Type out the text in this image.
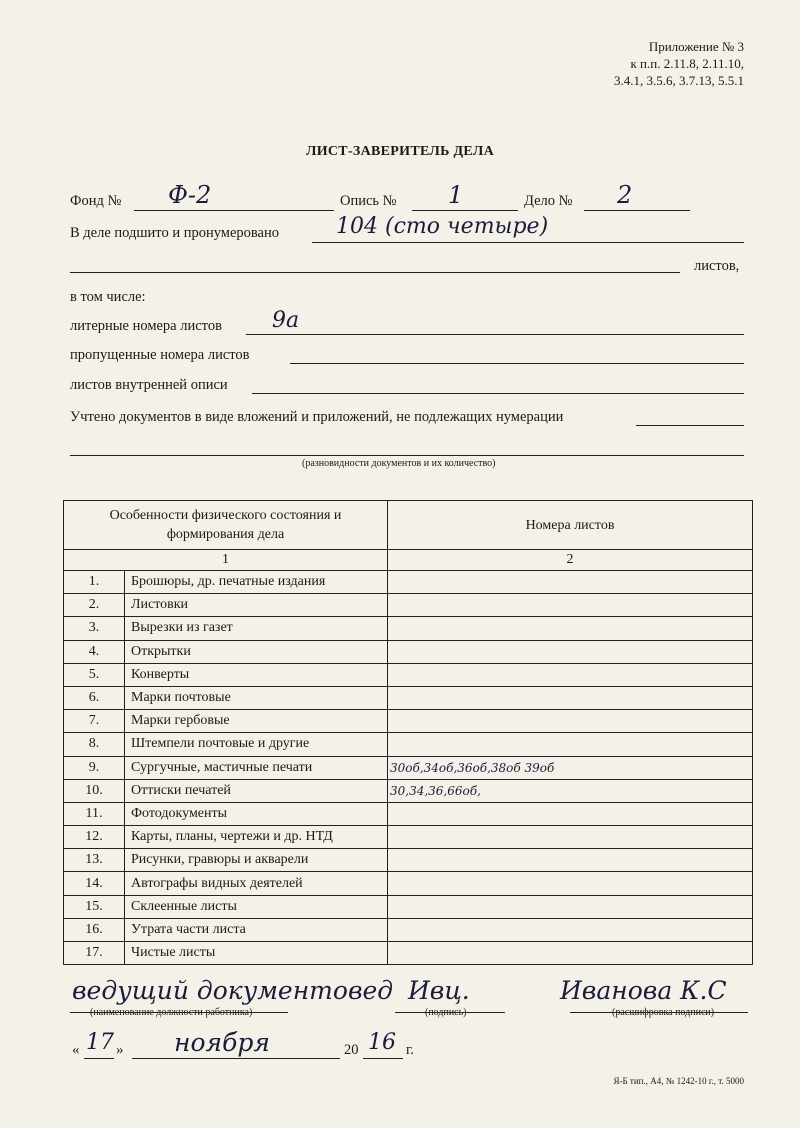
Приложение № 3
к п.п. 2.11.8, 2.11.10,
3.4.1, 3.5.6, 3.7.13, 5.5.1
ЛИСТ-ЗАВЕРИТЕЛЬ ДЕЛА
Фонд № Ф-2	Опись № 1	Дело № 2
В деле подшито и пронумеровано	104 (сто четыре)
листов,
в том числе:
литерные номера листов 9а
пропущенные номера листов
листов внутренней описи
Учтено документов в виде вложений и приложений, не подлежащих нумерации
(разновидности документов и их количество)
Особенности физического состояния и формирования дела		Номера листов
1		2
1.	Брошюры, др. печатные издания	
2.	Листовки	
3.	Вырезки из газет	
4.	Открытки	
5.	Конверты	
6.	Марки почтовые	
7.	Марки гербовые	
8.	Штемпели почтовые и другие	
9.	Сургучные, мастичные печати	30об,34об,36об,38об 39об
10.	Оттиски печатей	30,34,36,66об,
11.	Фотодокументы	
12.	Карты, планы, чертежи и др. НТД	
13.	Рисунки, гравюры и акварели	
14.	Автографы видных деятелей	
15.	Склеенные листы	
16.	Утрата части листа	
17.	Чистые листы	
ведущий документовед Ивц.	Иванова К.С
(наименование должности работника)	(подпись)	(расшифровка подписи)
« 17 » ноября	20 16 г.
Я-Б тип., А4, № 1242-10 г., т. 5000
